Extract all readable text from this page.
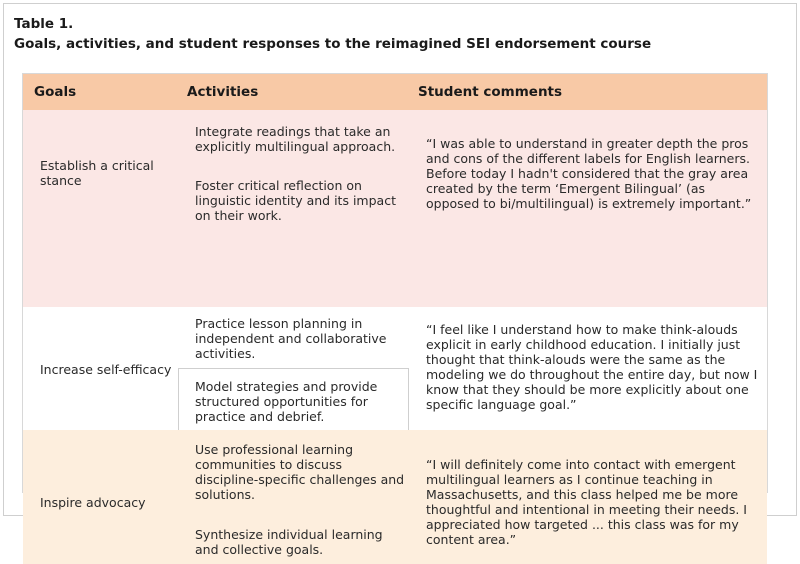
Table 1.
Goals, activities, and student responses to the reimagined SEI endorsement course
Goals	Activities	Student comments
Establish a critical stance
Integrate readings that take an explicitly multilingual approach.
Foster critical reflection on linguistic identity and its impact on their work.
“I was able to understand in greater depth the pros and cons of the different labels for English learners. Before today I hadn't considered that the gray area created by the term ‘Emergent Bilingual’ (as opposed to bi/multilingual) is extremely important.”
Increase self-efficacy
Practice lesson planning in independent and collaborative activities.
Model strategies and provide structured opportunities for practice and debrief.
“I feel like I understand how to make think-alouds explicit in early childhood education. I initially just thought that think-alouds were the same as the modeling we do throughout the entire day, but now I know that they should be more explicitly about one specific language goal.”
Inspire advocacy
Use professional learning communities to discuss discipline-specific challenges and solutions.
Synthesize individual learning and collective goals.
“I will definitely come into contact with emergent multilingual learners as I continue teaching in Massachusetts, and this class helped me be more thoughtful and intentional in meeting their needs. I appreciated how targeted ... this class was for my content area.”
